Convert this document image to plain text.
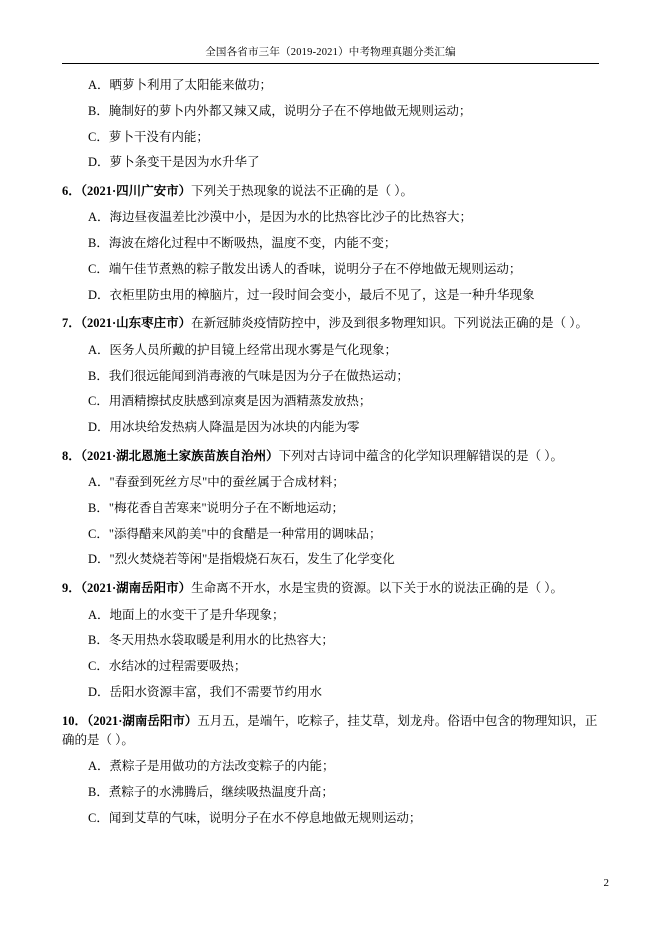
全国各省市三年（2019-2021）中考物理真题分类汇编

A．晒萝卜利用了太阳能来做功；

B．腌制好的萝卜内外都又辣又咸，说明分子在不停地做无规则运动；

C．萝卜干没有内能；

D．萝卜条变干是因为水升华了

6．（2021·四川广安市）下列关于热现象的说法不正确的是（ ）。

A．海边昼夜温差比沙漠中小，是因为水的比热容比沙子的比热容大；

B．海波在熔化过程中不断吸热，温度不变，内能不变；

C．端午佳节煮熟的粽子散发出诱人的香味，说明分子在不停地做无规则运动；

D．衣柜里防虫用的樟脑片，过一段时间会变小，最后不见了，这是一种升华现象

7．（2021·山东枣庄市）在新冠肺炎疫情防控中，涉及到很多物理知识。下列说法正确的是（ ）。

A．医务人员所戴的护目镜上经常出现水雾是气化现象；

B．我们很远能闻到消毒液的气味是因为分子在做热运动；

C．用酒精擦拭皮肤感到凉爽是因为酒精蒸发放热；

D．用冰块给发热病人降温是因为冰块的内能为零

8．（2021·湖北恩施土家族苗族自治州）下列对古诗词中蕴含的化学知识理解错误的是（ ）。

A．"春蚕到死丝方尽"中的蚕丝属于合成材料；

B．"梅花香自苦寒来"说明分子在不断地运动；

C．"添得醋来风韵美"中的食醋是一种常用的调味品；

D．"烈火焚烧若等闲"是指煅烧石灰石，发生了化学变化

9．（2021·湖南岳阳市）生命离不开水，水是宝贵的资源。以下关于水的说法正确的是（ ）。

A．地面上的水变干了是升华现象；

B．冬天用热水袋取暖是利用水的比热容大；

C．水结冰的过程需要吸热；

D．岳阳水资源丰富，我们不需要节约用水

10．（2021·湖南岳阳市）五月五，是端午，吃粽子，挂艾草，划龙舟。俗语中包含的物理知识，正确的是（ ）。

A．煮粽子是用做功的方法改变粽子的内能；

B．煮粽子的水沸腾后，继续吸热温度升高；

C．闻到艾草的气味，说明分子在水不停息地做无规则运动；

2
